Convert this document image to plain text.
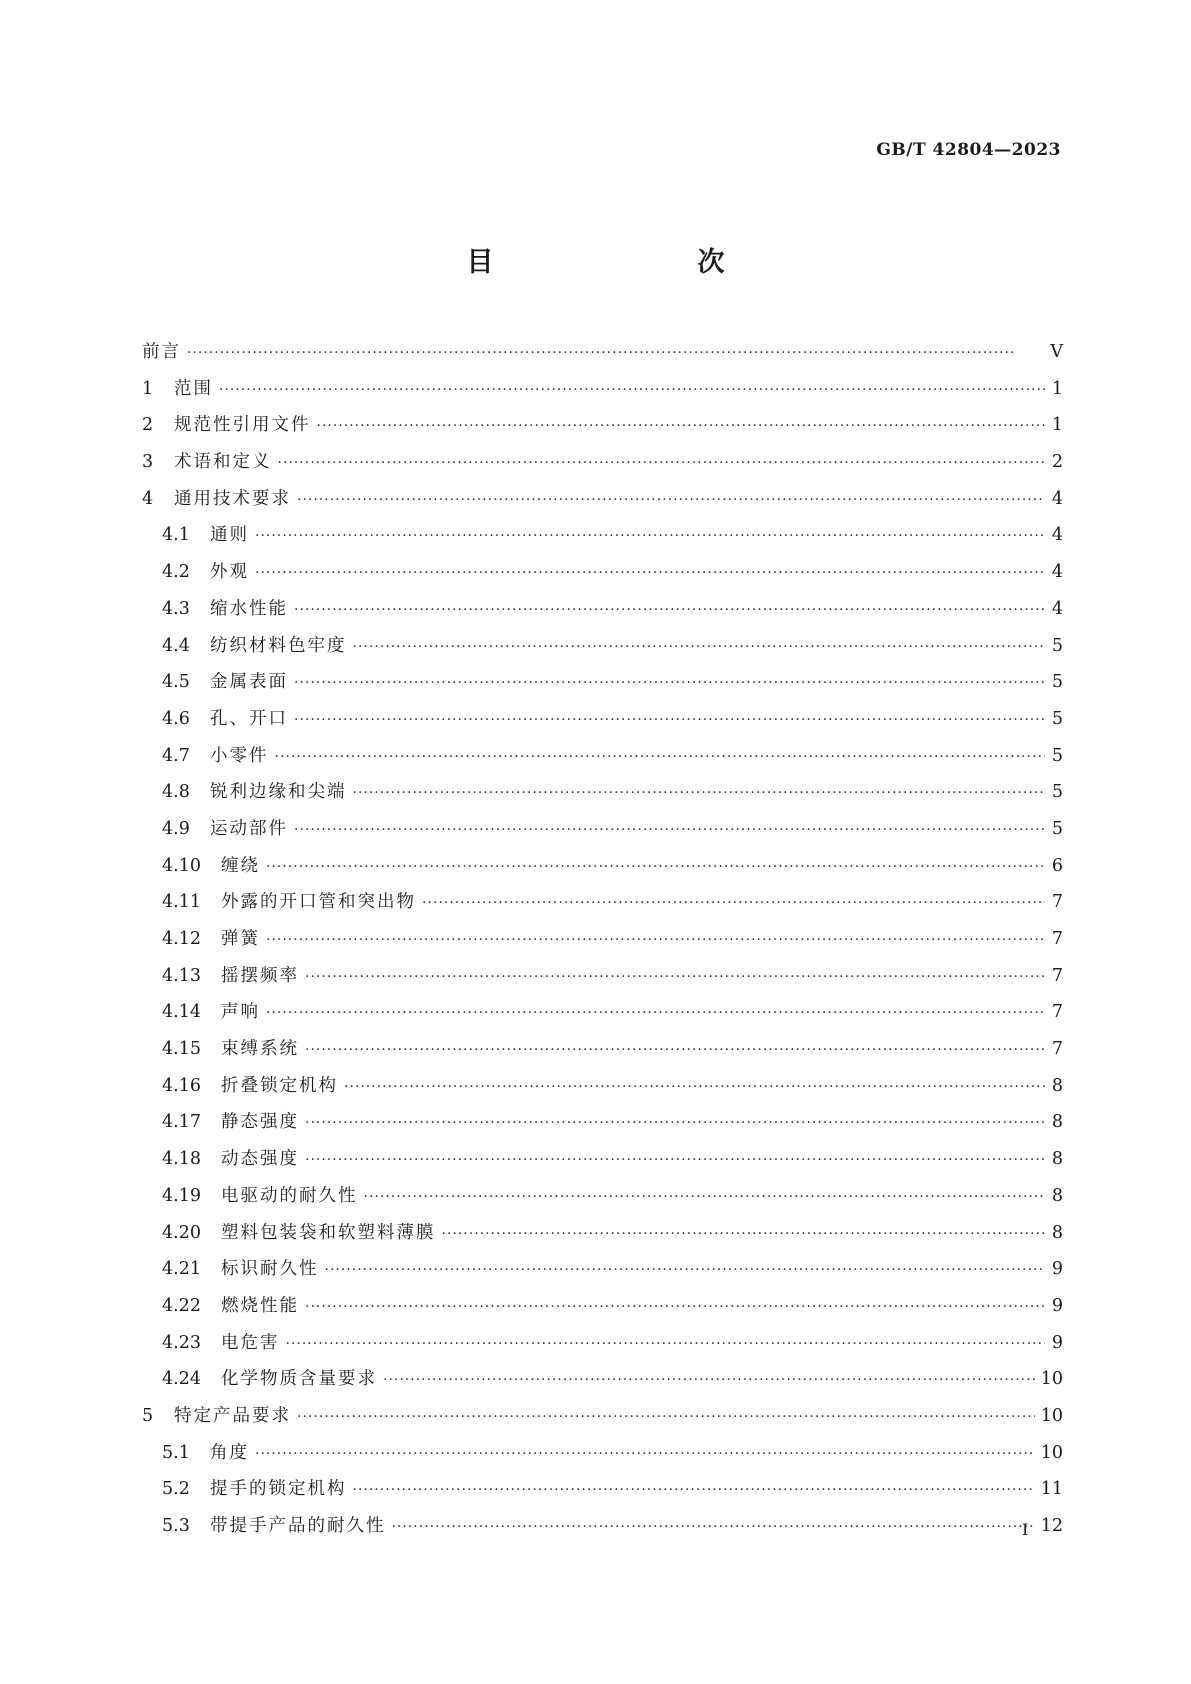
GB/T 42804—2023
目　　次
前言 ·····	Ⅴ
1	范围 ·····	1
2	规范性引用文件 ·····	1
3	术语和定义 ·····	2
4	通用技术要求 ·····	4
4.1	通则 ·····	4
4.2	外观 ·····	4
4.3	缩水性能 ·····	4
4.4	纺织材料色牢度 ·····	5
4.5	金属表面 ·····	5
4.6	孔、开口 ·····	5
4.7	小零件 ·····	5
4.8	锐利边缘和尖端 ·····	5
4.9	运动部件 ·····	5
4.10	缠绕 ·····	6
4.11	外露的开口管和突出物 ·····	7
4.12	弹簧 ·····	7
4.13	摇摆频率 ·····	7
4.14	声响 ·····	7
4.15	束缚系统 ·····	7
4.16	折叠锁定机构 ·····	8
4.17	静态强度 ·····	8
4.18	动态强度 ·····	8
4.19	电驱动的耐久性 ·····	8
4.20	塑料包装袋和软塑料薄膜 ·····	8
4.21	标识耐久性 ·····	9
4.22	燃烧性能 ·····	9
4.23	电危害 ·····	9
4.24	化学物质含量要求 ·····	10
5	特定产品要求 ·····	10
5.1	角度 ·····	10
5.2	提手的锁定机构 ·····	11
5.3	带提手产品的耐久性 ·····	12
Ⅰ
